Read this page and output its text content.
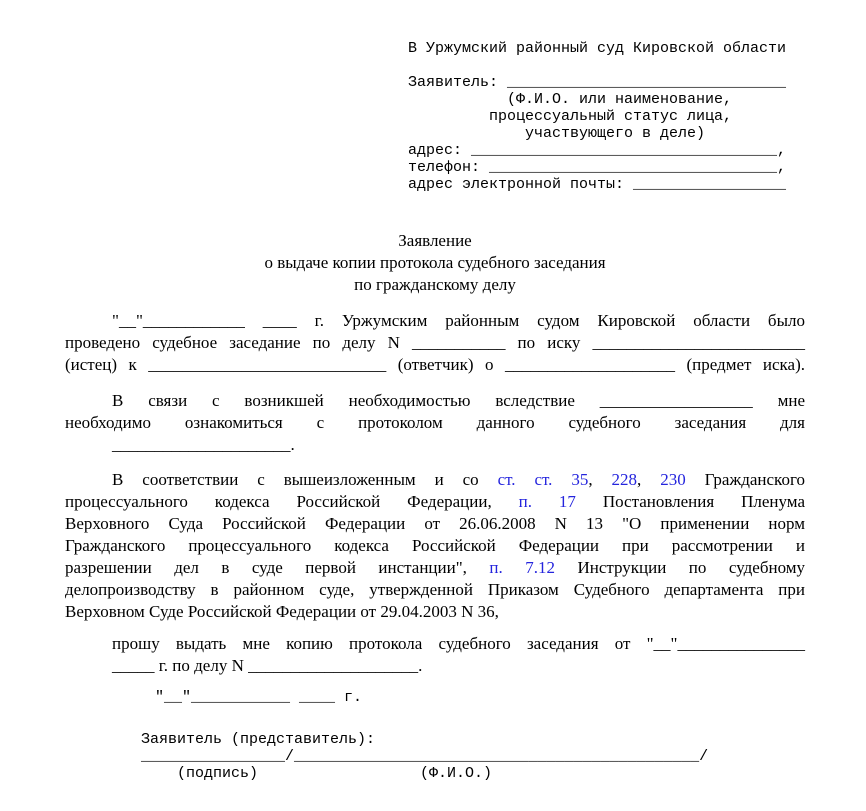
В Уржумский районный суд Кировской области

Заявитель: _______________________________
(Ф.И.О. или наименование,
процессуальный статус лица,
участвующего в деле)
адрес: __________________________________,
телефон: ________________________________,
адрес электронной почты: _________________
Заявление
о выдаче копии протокола судебного заседания
по гражданскому делу
"__"____________ ____ г. Уржумским районным судом Кировской области было
проведено судебное заседание по делу N ___________ по иску _________________________
(истец) к ____________________________ (ответчик) о ____________________ (предмет иска).
В связи с возникшей необходимостью вследствие __________________ мне
необходимо ознакомиться с протоколом данного судебного заседания для
_____________________.
В соответствии с вышеизложенным и со ст. ст. 35, 228, 230 Гражданского
процессуального кодекса Российской Федерации, п. 17 Постановления Пленума
Верховного Суда Российской Федерации от 26.06.2008 N 13 "О применении норм
Гражданского процессуального кодекса Российской Федерации при рассмотрении и
разрешении дел в суде первой инстанции", п. 7.12 Инструкции по судебному
делопроизводству в районном суде, утвержденной Приказом Судебного департамента при
Верховном Суде Российской Федерации от 29.04.2003 N 36,
прошу выдать мне копию протокола судебного заседания от "__"_______________
_____ г. по делу N ____________________.
"__"___________ ____ г.
Заявитель (представитель):
________________/_____________________________________________/
(подпись)                  (Ф.И.О.)
